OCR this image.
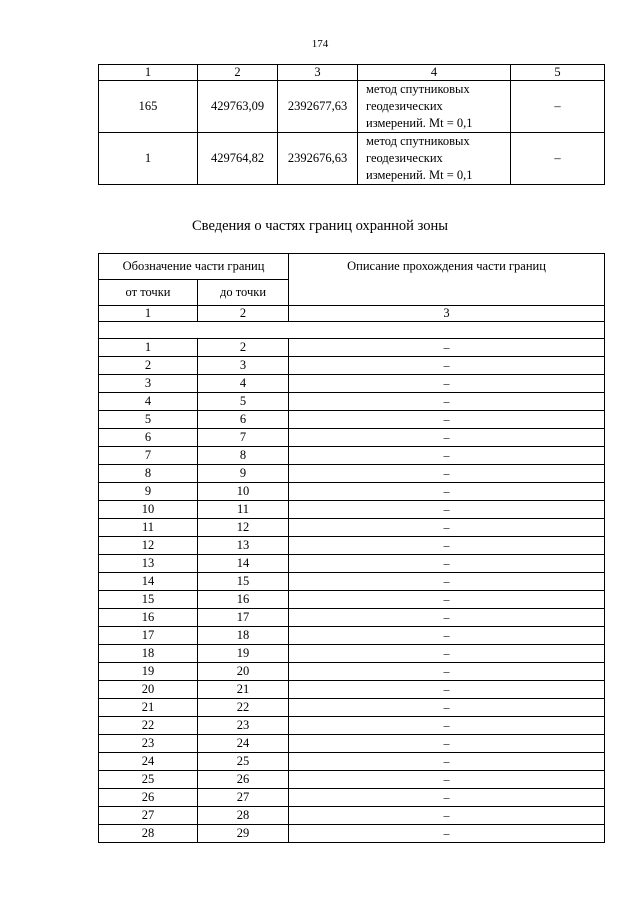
174
1	2	3	4	5
165	429763,09	2392677,63	метод спутниковых
геодезических
измерений. Mt = 0,1	–
1	429764,82	2392676,63	метод спутниковых
геодезических
измерений. Mt = 0,1	–
Сведения о частях границ охранной зоны
Обозначение части границ		Описание прохождения части границ
от точки	до точки	
1	2	3

1	2	–
2	3	–
3	4	–
4	5	–
5	6	–
6	7	–
7	8	–
8	9	–
9	10	–
10	11	–
11	12	–
12	13	–
13	14	–
14	15	–
15	16	–
16	17	–
17	18	–
18	19	–
19	20	–
20	21	–
21	22	–
22	23	–
23	24	–
24	25	–
25	26	–
26	27	–
27	28	–
28	29	–
